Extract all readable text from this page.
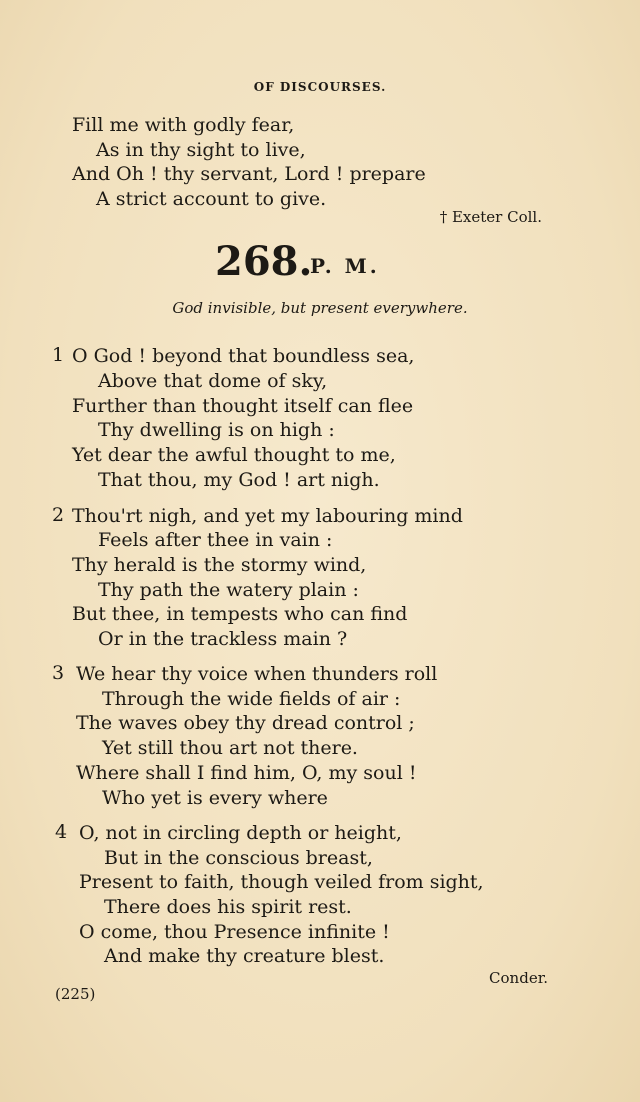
OF DISCOURSES.
Fill me with godly fear,
As in thy sight to live,
And Oh ! thy servant, Lord ! prepare
A strict account to give.
† Exeter Coll.
268.
P. M.
God invisible, but present everywhere.
1 O God ! beyond that boundless sea,
Above that dome of sky,
Further than thought itself can flee
Thy dwelling is on high :
Yet dear the awful thought to me,
That thou, my God ! art nigh.
2 Thou'rt nigh, and yet my labouring mind
Feels after thee in vain :
Thy herald is the stormy wind,
Thy path the watery plain :
But thee, in tempests who can find
Or in the trackless main ?
3 We hear thy voice when thunders roll
Through the wide fields of air :
The waves obey thy dread control ;
Yet still thou art not there.
Where shall I find him, O, my soul !
Who yet is every where
4 O, not in circling depth or height,
But in the conscious breast,
Present to faith, though veiled from sight,
There does his spirit rest.
O come, thou Presence infinite !
And make thy creature blest.
Conder.
(225)
